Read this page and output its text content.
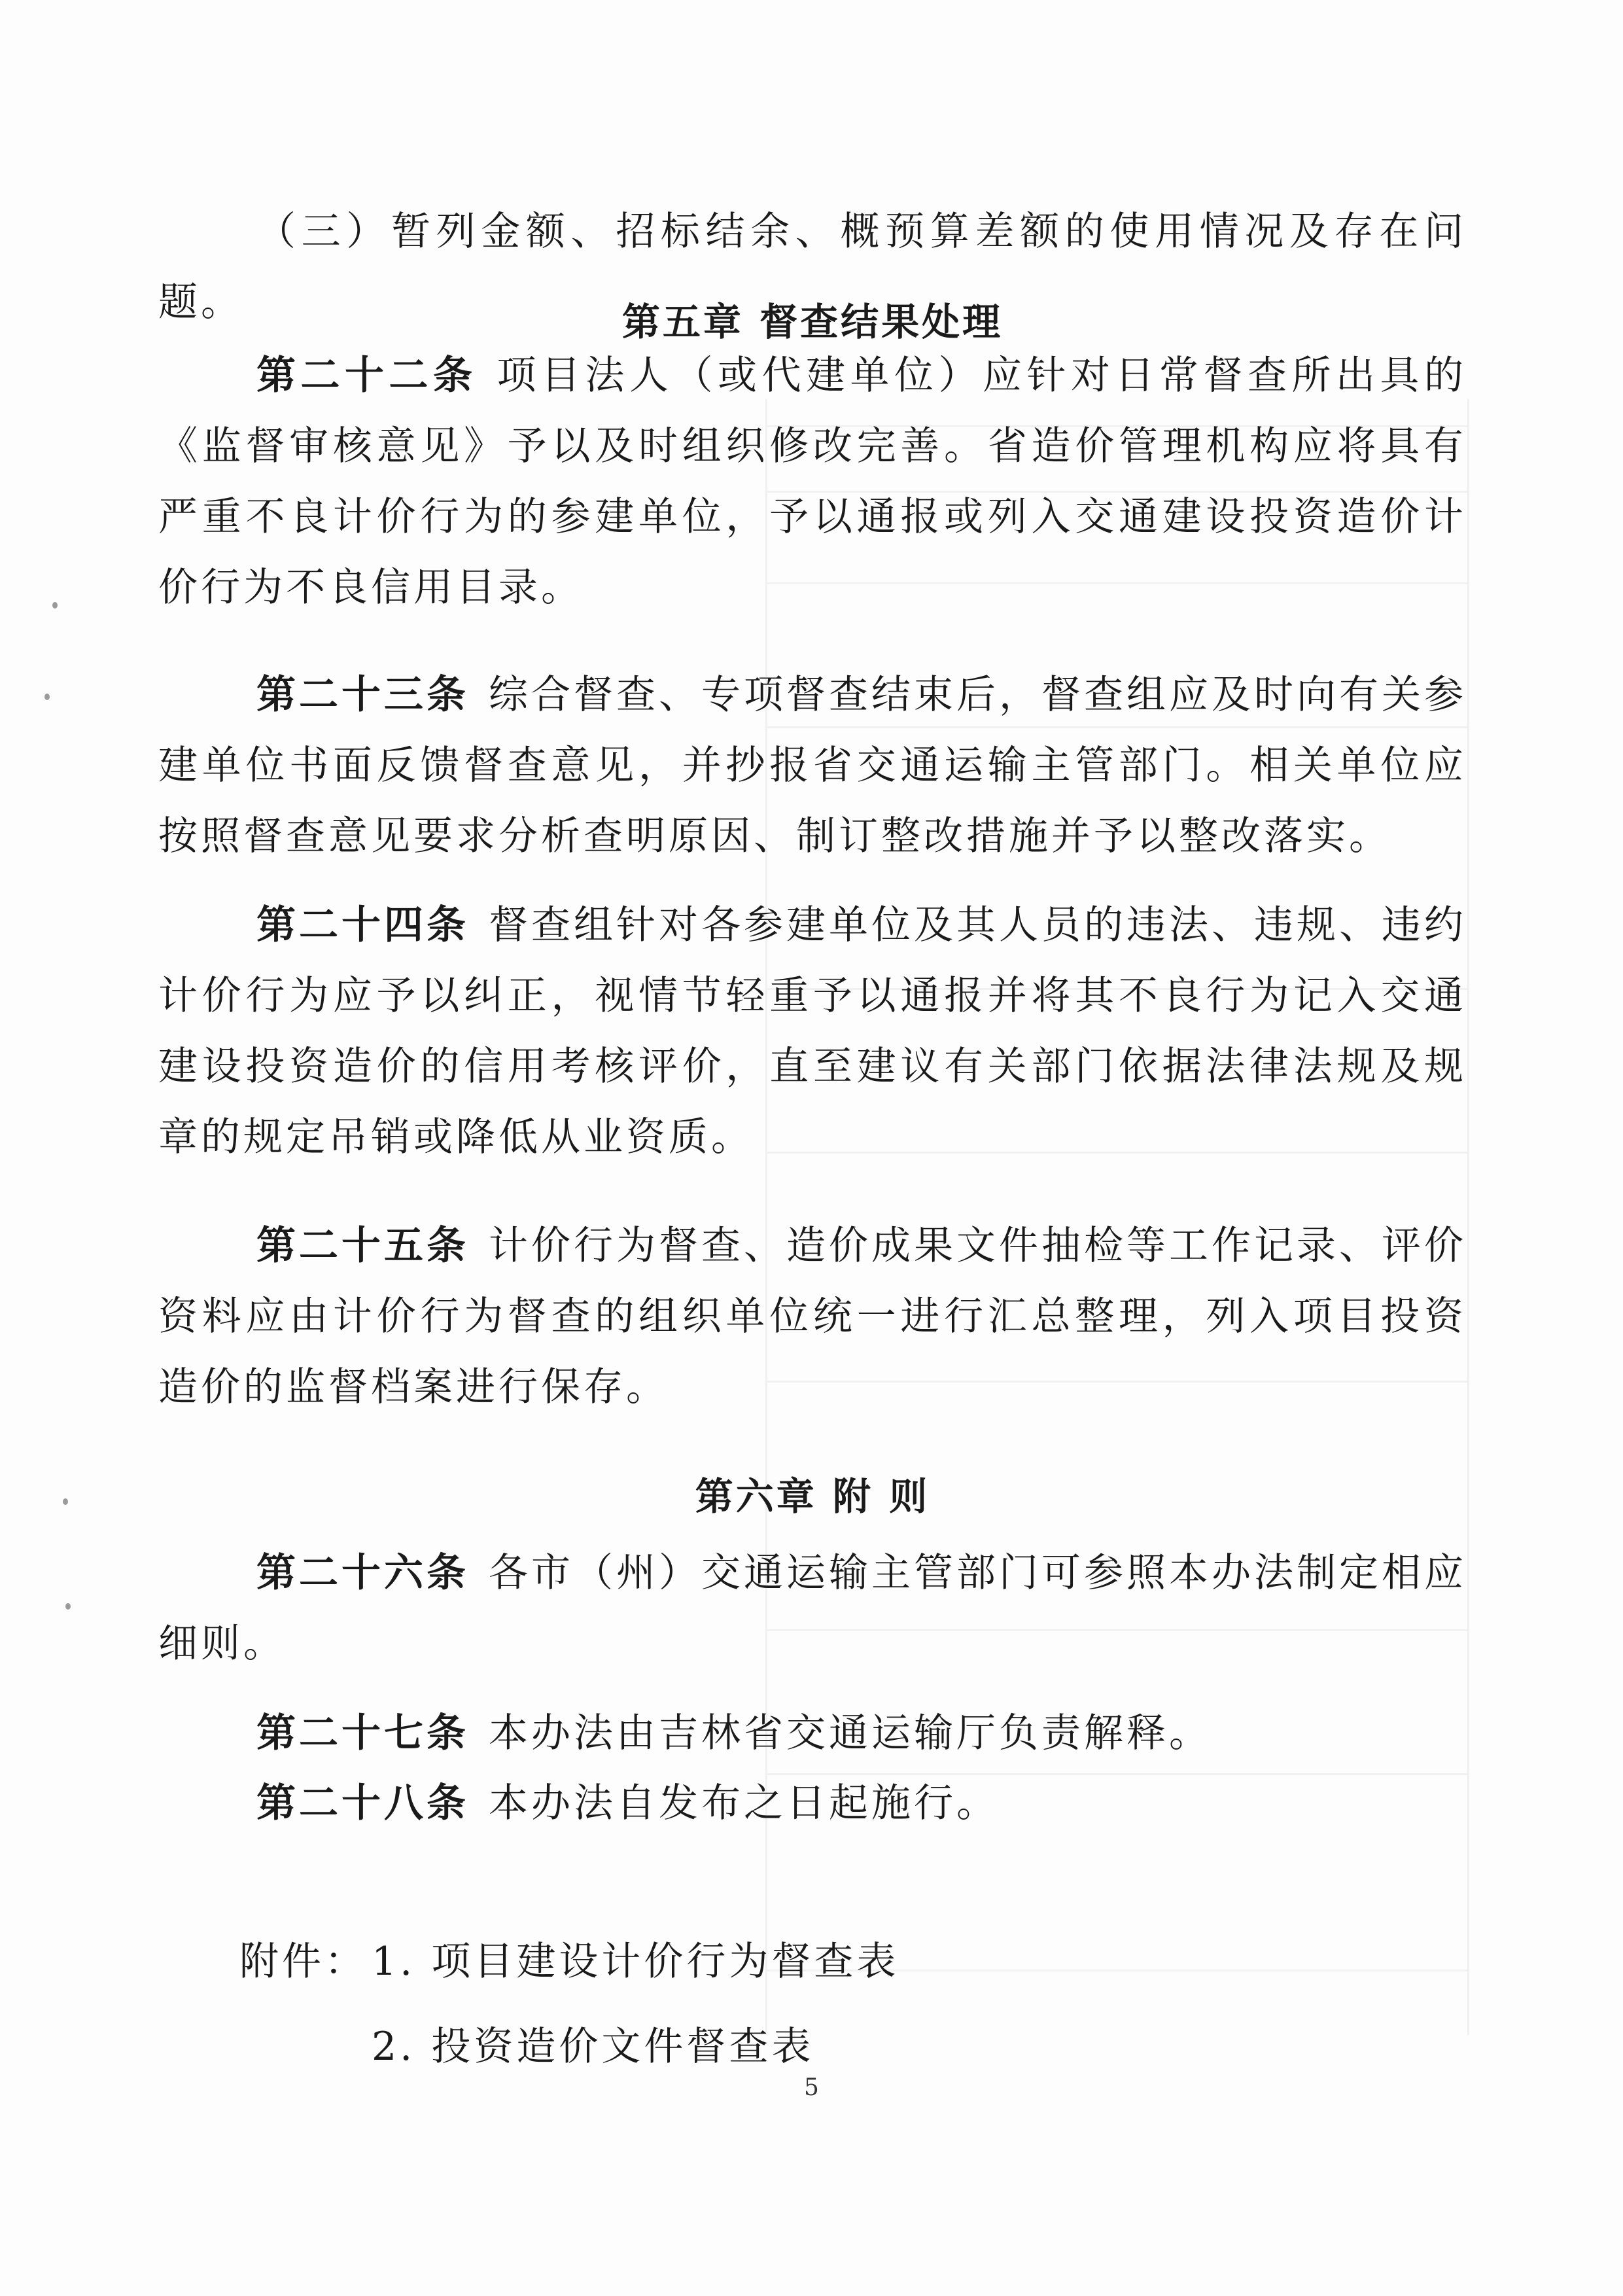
（三）暂列金额、招标结余、概预算差额的使用情况及存在问题。	第五章 督查结果处理
第二十二条 项目法人（或代建单位）应针对日常督查所出具的《监督审核意见》予以及时组织修改完善。省造价管理机构应将具有严重不良计价行为的参建单位，予以通报或列入交通建设投资造价计价行为不良信用目录。
第二十三条 综合督查、专项督查结束后，督查组应及时向有关参建单位书面反馈督查意见，并抄报省交通运输主管部门。相关单位应按照督查意见要求分析查明原因、制订整改措施并予以整改落实。
第二十四条 督查组针对各参建单位及其人员的违法、违规、违约计价行为应予以纠正，视情节轻重予以通报并将其不良行为记入交通建设投资造价的信用考核评价，直至建议有关部门依据法律法规及规章的规定吊销或降低从业资质。
第二十五条 计价行为督查、造价成果文件抽检等工作记录、评价资料应由计价行为督查的组织单位统一进行汇总整理，列入项目投资造价的监督档案进行保存。
第六章 附 则
第二十六条 各市（州）交通运输主管部门可参照本办法制定相应细则。
第二十七条 本办法由吉林省交通运输厅负责解释。
第二十八条 本办法自发布之日起施行。
附件： 1. 项目建设计价行为督查表
2. 投资造价文件督查表
5
